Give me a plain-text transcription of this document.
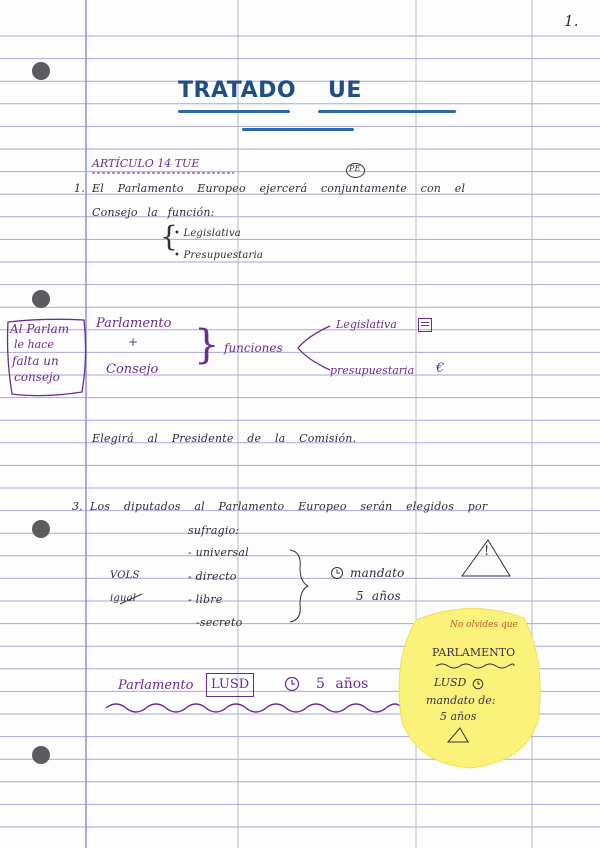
1.
TRATADO UE
ARTÍCULO 14 TUE	PE
1. El Parlamento Europeo ejercerá conjuntamente con el
Consejo la función:
{
• Legislativa
• Presupuestaria
Al Parlam
le hace
falta un
consejo
Parlamento
+
Consejo
} funciones
Legislativa
presupuestaria €
Elegirá al Presidente de la Comisión.
3. Los diputados al Parlamento Europeo serán elegidos por
sufragio:
- universal
- directo
- libre
-secreto
VOLS
igual
mandato
5 años
!
Parlamento LUSD	5 años
No olvides que
PARLAMENTO
LUSD
mandato de:
5 años
